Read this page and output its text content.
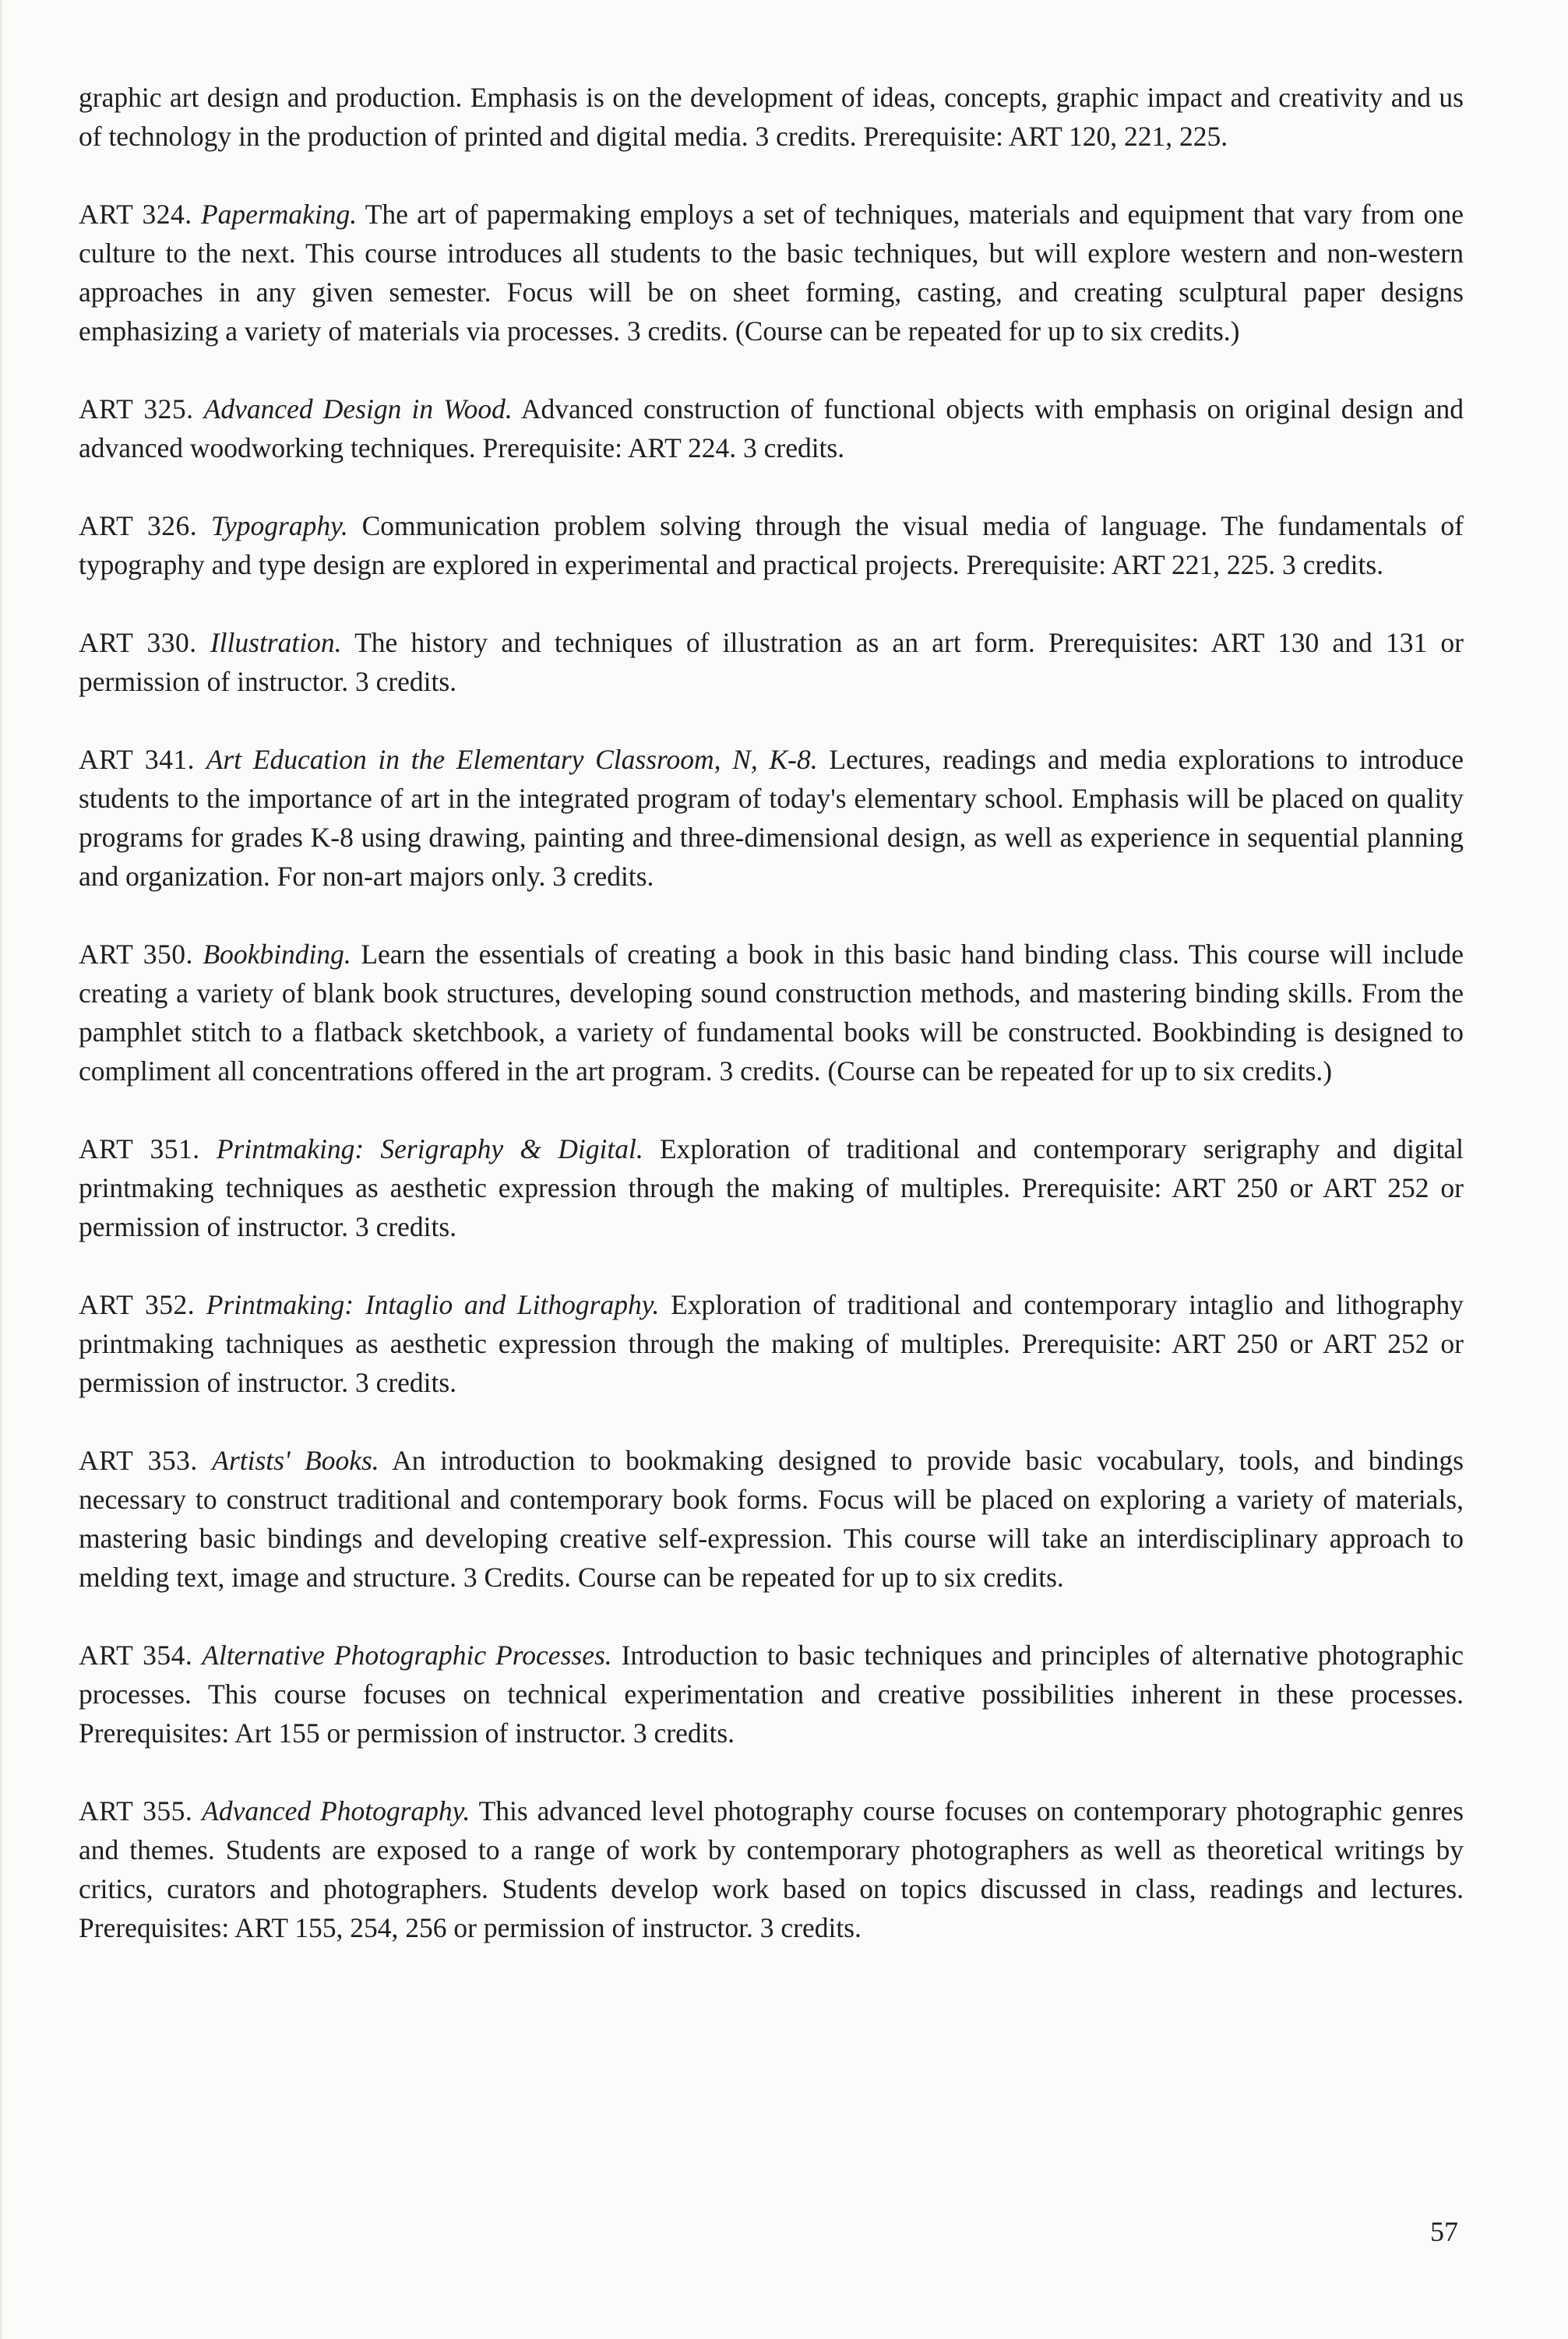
graphic art design and production. Emphasis is on the development of ideas, concepts, graphic impact and creativity and us of technology in the production of printed and digital media. 3 credits. Prerequisite: ART 120, 221, 225.

ART 324. Papermaking. The art of papermaking employs a set of techniques, materials and equipment that vary from one culture to the next. This course introduces all students to the basic techniques, but will explore western and non-western approaches in any given semester. Focus will be on sheet forming, casting, and creating sculptural paper designs emphasizing a variety of materials via processes. 3 credits. (Course can be repeated for up to six credits.)

ART 325. Advanced Design in Wood. Advanced construction of functional objects with emphasis on original design and advanced woodworking techniques. Prerequisite: ART 224. 3 credits.

ART 326. Typography. Communication problem solving through the visual media of language. The fundamentals of typography and type design are explored in experimental and practical projects. Prerequisite: ART 221, 225. 3 credits.

ART 330. Illustration. The history and techniques of illustration as an art form. Prerequisites: ART 130 and 131 or permission of instructor. 3 credits.

ART 341. Art Education in the Elementary Classroom, N, K-8. Lectures, readings and media explorations to introduce students to the importance of art in the integrated program of today's elementary school. Emphasis will be placed on quality programs for grades K-8 using drawing, painting and three-dimensional design, as well as experience in sequential planning and organization. For non-art majors only. 3 credits.

ART 350. Bookbinding. Learn the essentials of creating a book in this basic hand binding class. This course will include creating a variety of blank book structures, developing sound construction methods, and mastering binding skills. From the pamphlet stitch to a flatback sketchbook, a variety of fundamental books will be constructed. Bookbinding is designed to compliment all concentrations offered in the art program. 3 credits. (Course can be repeated for up to six credits.)

ART 351. Printmaking: Serigraphy & Digital. Exploration of traditional and contemporary serigraphy and digital printmaking techniques as aesthetic expression through the making of multiples. Prerequisite: ART 250 or ART 252 or permission of instructor. 3 credits.

ART 352. Printmaking: Intaglio and Lithography. Exploration of traditional and contemporary intaglio and lithography printmaking tachniques as aesthetic expression through the making of multiples. Prerequisite: ART 250 or ART 252 or permission of instructor. 3 credits.

ART 353. Artists' Books. An introduction to bookmaking designed to provide basic vocabulary, tools, and bindings necessary to construct traditional and contemporary book forms. Focus will be placed on exploring a variety of materials, mastering basic bindings and developing creative self-expression. This course will take an interdisciplinary approach to melding text, image and structure. 3 Credits. Course can be repeated for up to six credits.

ART 354. Alternative Photographic Processes. Introduction to basic techniques and principles of alternative photographic processes. This course focuses on technical experimentation and creative possibilities inherent in these processes. Prerequisites: Art 155 or permission of instructor. 3 credits.

ART 355. Advanced Photography. This advanced level photography course focuses on contemporary photographic genres and themes. Students are exposed to a range of work by contemporary photographers as well as theoretical writings by critics, curators and photographers. Students develop work based on topics discussed in class, readings and lectures. Prerequisites: ART 155, 254, 256 or permission of instructor. 3 credits.

57
